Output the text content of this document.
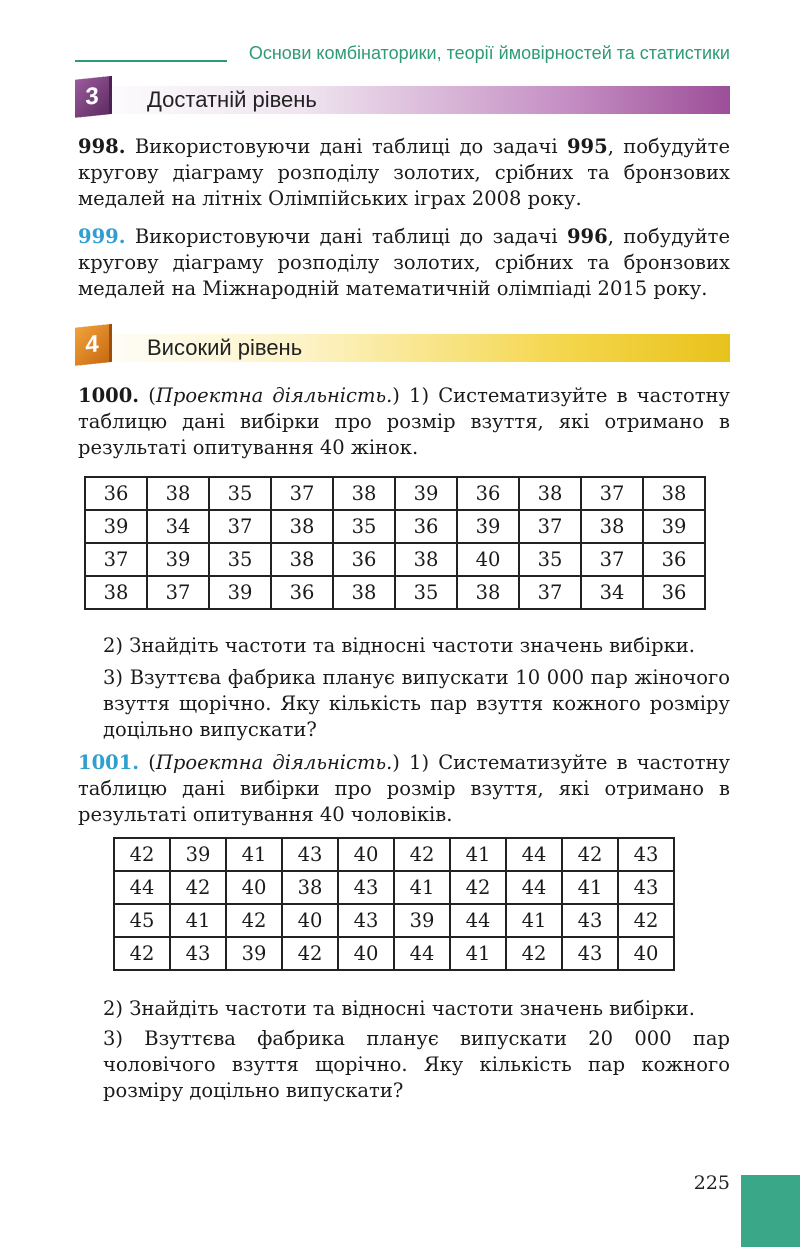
Основи комбінаторики, теорії ймовірностей та статистики
3	Достатній рівень

998. Використовуючи дані таблиці до задачі 995, побудуйте кругову діаграму розподілу золотих, срібних та бронзових медалей на літніх Олімпійських іграх 2008 року.

999. Використовуючи дані таблиці до задачі 996, побудуйте кругову діаграму розподілу золотих, срібних та бронзових медалей на Міжнародній математичній олімпіаді 2015 року.

4	Високий рівень

1000. (Проектна діяльність.) 1) Систематизуйте в частотну таблицю дані вибірки про розмір взуття, які отримано в результаті опитування 40 жінок.

36	38	35	37	38	39	36	38	37	38
39	34	37	38	35	36	39	37	38	39
37	39	35	38	36	38	40	35	37	36
38	37	39	36	38	35	38	37	34	36
2) Знайдіть частоти та відносні частоти значень вибірки.
3) Взуттєва фабрика планує випускати 10 000 пар жіночого взуття щорічно. Яку кількість пар взуття кожного розміру доцільно випускати?

1001. (Проектна діяльність.) 1) Систематизуйте в частотну таблицю дані вибірки про розмір взуття, які отримано в результаті опитування 40 чоловіків.

42	39	41	43	40	42	41	44	42	43
44	42	40	38	43	41	42	44	41	43
45	41	42	40	43	39	44	41	43	42
42	43	39	42	40	44	41	42	43	40
2) Знайдіть частоти та відносні частоти значень вибірки.
3) Взуттєва фабрика планує випускати 20 000 пар чоловічого взуття щорічно. Яку кількість пар кожного розміру доцільно випускати?
225
